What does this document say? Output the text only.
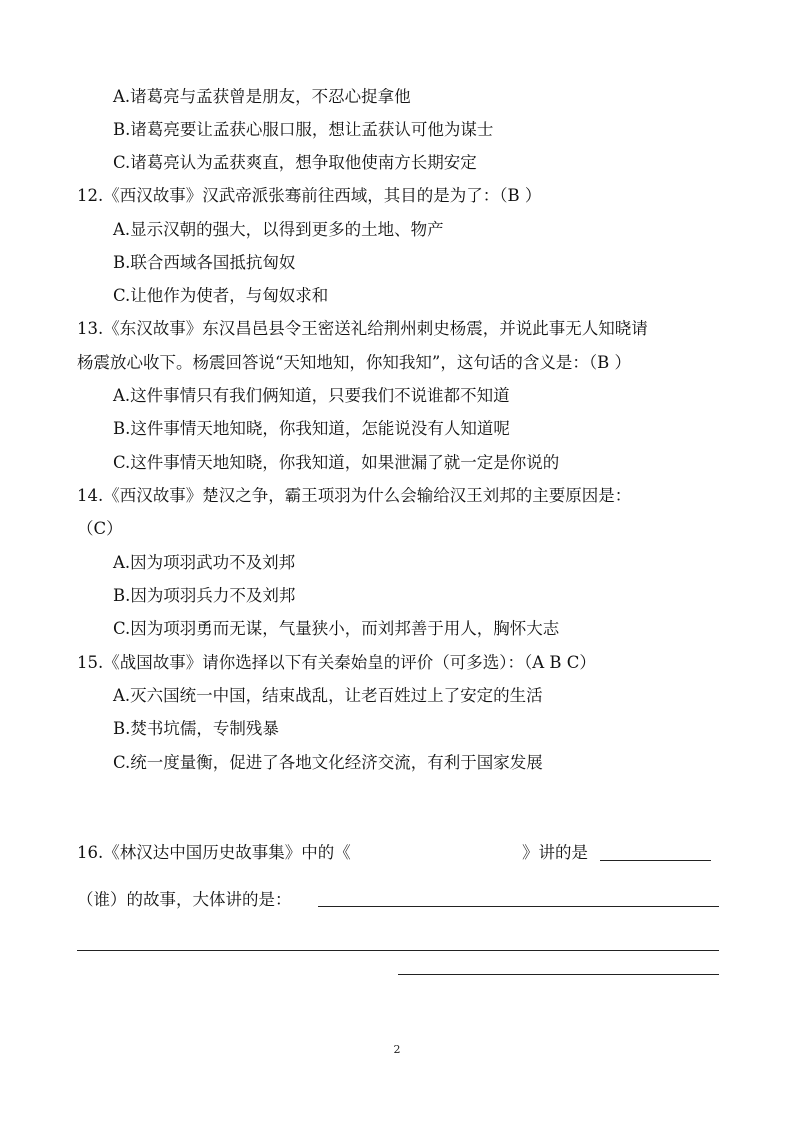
A.诸葛亮与孟获曾是朋友，不忍心捉拿他
B.诸葛亮要让孟获心服口服，想让孟获认可他为谋士
C.诸葛亮认为孟获爽直，想争取他使南方长期安定
12.《西汉故事》汉武帝派张骞前往西域，其目的是为了：（B ）
A.显示汉朝的强大，以得到更多的土地、物产
B.联合西域各国抵抗匈奴
C.让他作为使者，与匈奴求和
13.《东汉故事》东汉昌邑县令王密送礼给荆州刺史杨震，并说此事无人知晓请
杨震放心收下。杨震回答说“天知地知，你知我知”，这句话的含义是：（B ）
A.这件事情只有我们俩知道，只要我们不说谁都不知道
B.这件事情天地知晓，你我知道，怎能说没有人知道呢
C.这件事情天地知晓，你我知道，如果泄漏了就一定是你说的
14.《西汉故事》楚汉之争，霸王项羽为什么会输给汉王刘邦的主要原因是：
（C）
A.因为项羽武功不及刘邦
B.因为项羽兵力不及刘邦
C.因为项羽勇而无谋，气量狭小，而刘邦善于用人，胸怀大志
15.《战国故事》请你选择以下有关秦始皇的评价（可多选）：（A B C）
A.灭六国统一中国，结束战乱，让老百姓过上了安定的生活
B.焚书坑儒，专制残暴
C.统一度量衡，促进了各地文化经济交流，有利于国家发展
16.《林汉达中国历史故事集》中的《	》讲的是
（谁）的故事，大体讲的是：
2
